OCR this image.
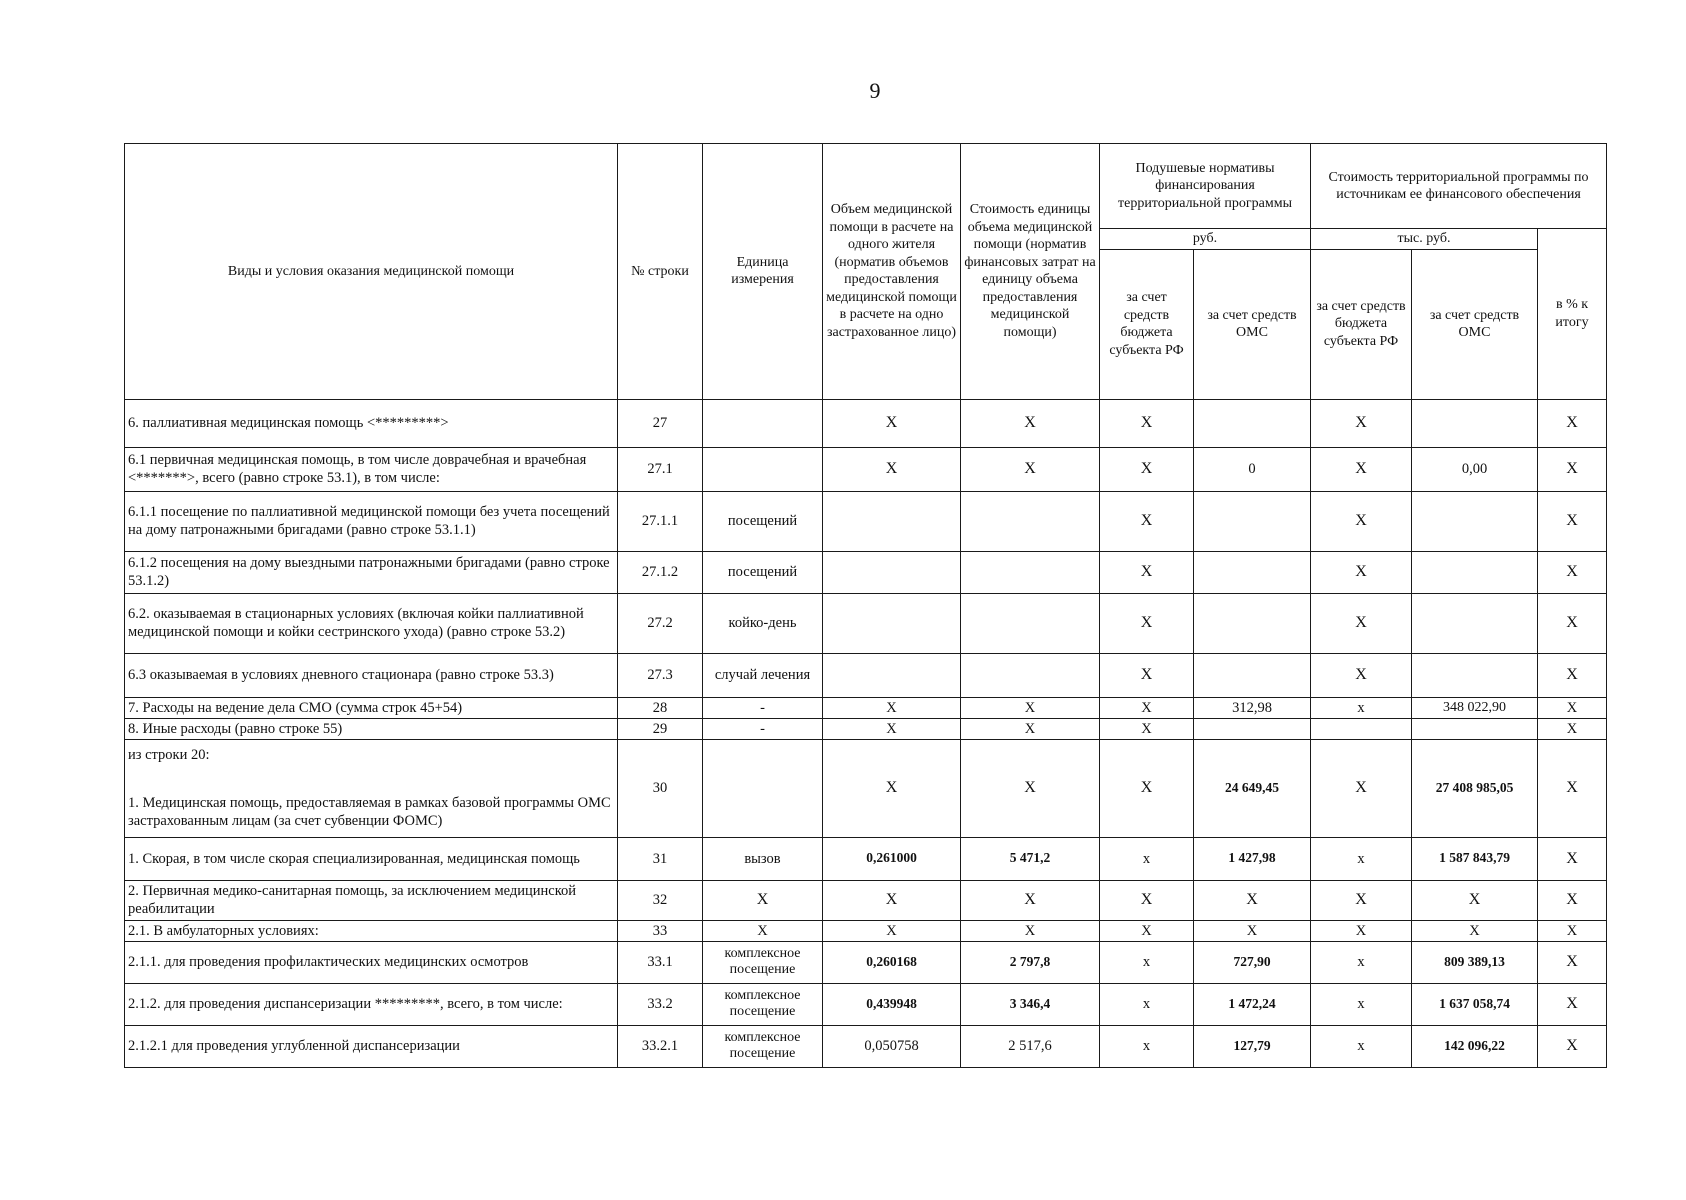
9
Виды и условия оказания медицинской помощи	№ строки	Единица измерения	Объем медицинской помощи в расчете на одного жителя (норматив объемов предоставления медицинской помощи в расчете на одно застрахованное лицо)	Стоимость единицы объема медицинской помощи (норматив финансовых затрат на единицу объема предоставления медицинской помощи)	Подушевые нормативы финансирования территориальной программы		Стоимость территориальной программы по источникам ее финансового обеспечения		
					руб.		тыс. руб.		в % к итогу
					за счет средств бюджета субъекта РФ	за счет средств ОМС	за счет средств бюджета субъекта РФ	за счет средств ОМС	

6. паллиативная медицинская помощь <*********>	27		Х	Х	Х		Х		Х
6.1 первичная медицинская помощь, в том числе доврачебная и врачебная <*******>, всего (равно строке 53.1), в том числе:	27.1		Х	Х	Х	0	Х	0,00	Х
6.1.1 посещение по паллиативной медицинской помощи без учета посещений на дому патронажными бригадами (равно строке 53.1.1)	27.1.1	посещений			Х		Х		Х
6.1.2 посещения на дому выездными патронажными бригадами (равно строке 53.1.2)	27.1.2	посещений			Х		Х		Х
6.2. оказываемая в стационарных условиях (включая койки паллиативной медицинской помощи и койки сестринского ухода) (равно строке 53.2)	27.2	койко-день			Х		Х		Х
6.3 оказываемая в условиях дневного стационара (равно строке 53.3)	27.3	случай лечения			Х		Х		Х
7. Расходы на ведение дела СМО (сумма строк 45+54)	28	-	Х	Х	Х	312,98	х	348 022,90	Х
8. Иные расходы (равно строке 55)	29	-	Х	Х	Х				Х

из строки 20:
1. Медицинская помощь, предоставляемая в рамках базовой программы ОМС застрахованным лицам (за счет субвенции ФОМС)	30		Х	Х	Х	24 649,45	Х	27 408 985,05	Х
1. Скорая, в том числе скорая специализированная, медицинская помощь	31	вызов	0,261000	5 471,2	х	1 427,98	х	1 587 843,79	Х
2. Первичная медико-санитарная помощь, за исключением медицинской реабилитации	32	Х	Х	Х	Х	Х	Х	Х	Х
2.1. В амбулаторных условиях:	33	Х	Х	Х	Х	Х	Х	Х	Х
2.1.1. для проведения профилактических медицинских осмотров	33.1	комплексное посещение	0,260168	2 797,8	х	727,90	х	809 389,13	Х
2.1.2. для проведения диспансеризации *********, всего, в том числе:	33.2	комплексное посещение	0,439948	3 346,4	х	1 472,24	х	1 637 058,74	Х
2.1.2.1 для проведения углубленной диспансеризации	33.2.1	комплексное посещение	0,050758	2 517,6	х	127,79	х	142 096,22	Х
